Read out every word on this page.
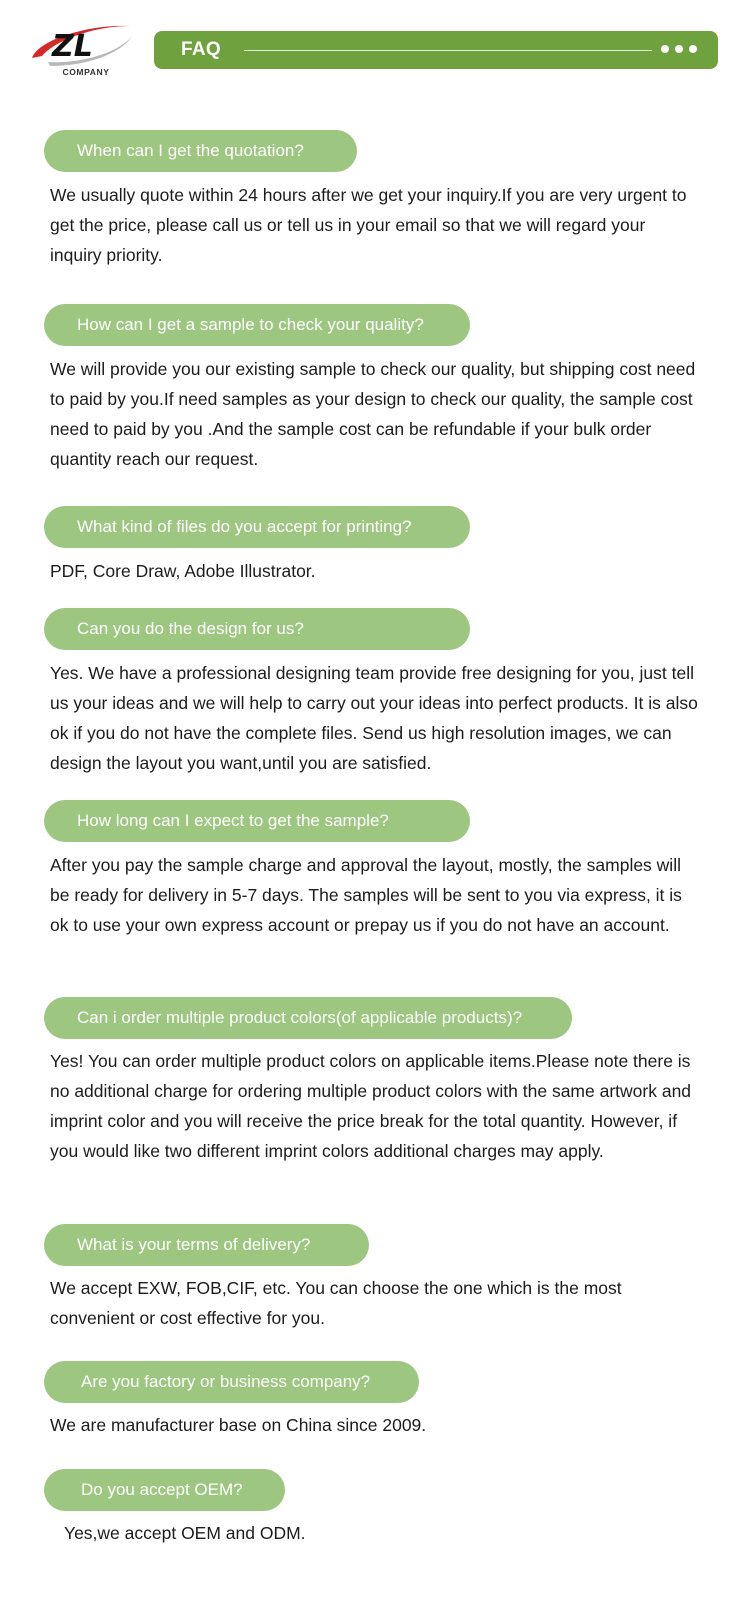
ZL
COMPANY
FAQ
When can I get the quotation?
We usually quote within 24 hours after we get your inquiry.If you are very urgent to get the price, please call us or tell us in your email so that we will regard your inquiry priority.
How can I get a sample to check your quality?
We will provide you our existing sample to check our quality, but shipping cost need to paid by you.If need samples as your design to check our quality, the sample cost need to paid by you .And the sample cost can be refundable if your bulk order quantity reach our request.
What kind of files do you accept for printing?
PDF, Core Draw, Adobe Illustrator.
Can you do the design for us?
Yes. We have a professional designing team provide free designing for you, just tell us your ideas and we will help to carry out your ideas into perfect products. It is also ok if you do not have the complete files. Send us high resolution images, we can design the layout you want,until you are satisfied.
How long can I expect to get the sample?
After you pay the sample charge and approval the layout, mostly, the samples will be ready for delivery in 5-7 days. The samples will be sent to you via express, it is ok to use your own express account or prepay us if you do not have an account.
Can i order multiple product colors(of applicable products)?
Yes! You can order multiple product colors on applicable items.Please note there is no additional charge for ordering multiple product colors with the same artwork and imprint color and you will receive the price break for the total quantity. However, if you would like two different imprint colors additional charges may apply.
What is your terms of delivery?
We accept EXW, FOB,CIF, etc. You can choose the one which is the most convenient or cost effective for you.
Are you factory or business company?
We are manufacturer base on China since 2009.
Do you accept OEM?
Yes,we accept OEM and ODM.
